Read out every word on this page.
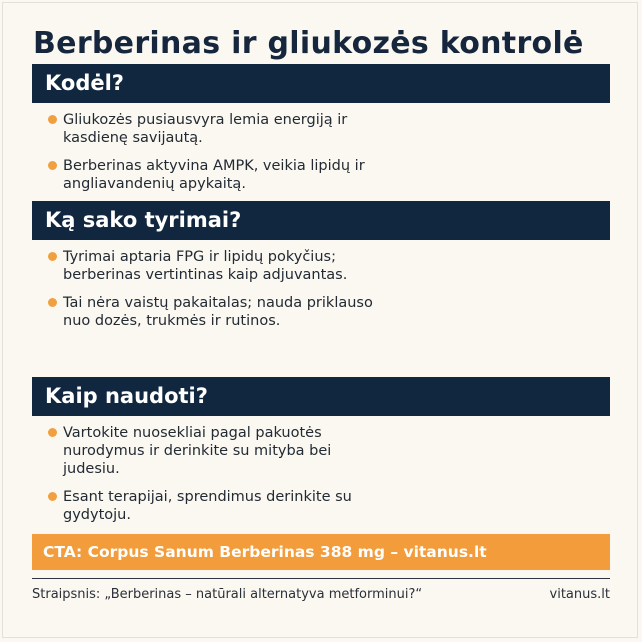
Berberinas ir gliukozės kontrolė
Kodėl?
Gliukozės pusiausvyra lemia energiją ir kasdienę savijautą.
Berberinas aktyvina AMPK, veikia lipidų ir angliavandenių apykaitą.
Ką sako tyrimai?
Tyrimai aptaria FPG ir lipidų pokyčius; berberinas vertintinas kaip adjuvantas.
Tai nėra vaistų pakaitalas; nauda priklauso nuo dozės, trukmės ir rutinos.
Kaip naudoti?
Vartokite nuosekliai pagal pakuotės nurodymus ir derinkite su mityba bei judesiu.
Esant terapijai, sprendimus derinkite su gydytoju.
CTA: Corpus Sanum Berberinas 388 mg – vitanus.lt
Straipsnis: „Berberinas – natūrali alternatyva metforminui?“	vitanus.lt
